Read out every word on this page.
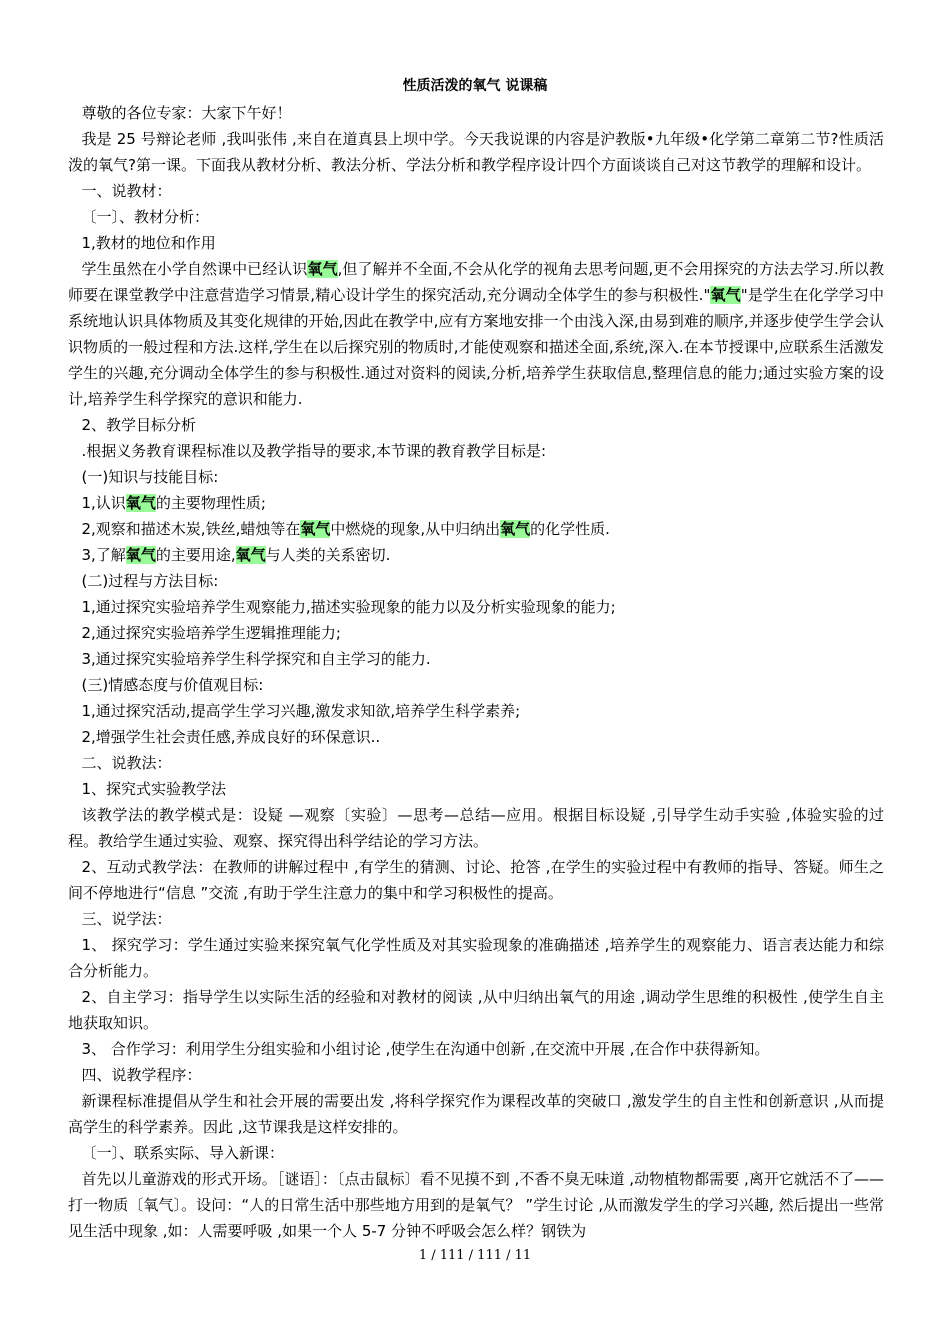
性质活泼的氧气 说课稿

尊敬的各位专家：大家下午好！

我是 25 号辩论老师 ,我叫张伟 ,来自在道真县上坝中学。今天我说课的内容是沪教版•九年级•化学第二章第二节?性质活泼的氧气?第一课。下面我从教材分析、教法分析、学法分析和教学程序设计四个方面谈谈自己对这节教学的理解和设计。

一、说教材：

〔一〕、教材分析：

1,教材的地位和作用

学生虽然在小学自然课中已经认识氧气,但了解并不全面,不会从化学的视角去思考问题,更不会用探究的方法去学习.所以教师要在课堂教学中注意营造学习情景,精心设计学生的探究活动,充分调动全体学生的参与积极性."氧气"是学生在化学学习中系统地认识具体物质及其变化规律的开始,因此在教学中,应有方案地安排一个由浅入深,由易到难的顺序,并逐步使学生学会认识物质的一般过程和方法.这样,学生在以后探究别的物质时,才能使观察和描述全面,系统,深入.在本节授课中,应联系生活激发学生的兴趣,充分调动全体学生的参与积极性.通过对资料的阅读,分析,培养学生获取信息,整理信息的能力;通过实验方案的设计,培养学生科学探究的意识和能力.

2、教学目标分析

.根据义务教育课程标准以及教学指导的要求,本节课的教育教学目标是:

(一)知识与技能目标:

1,认识氧气的主要物理性质;

2,观察和描述木炭,铁丝,蜡烛等在氧气中燃烧的现象,从中归纳出氧气的化学性质.

3,了解氧气的主要用途,氧气与人类的关系密切.

(二)过程与方法目标:

1,通过探究实验培养学生观察能力,描述实验现象的能力以及分析实验现象的能力;

2,通过探究实验培养学生逻辑推理能力;

3,通过探究实验培养学生科学探究和自主学习的能力.

(三)情感态度与价值观目标:

1,通过探究活动,提高学生学习兴趣,激发求知欲,培养学生科学素养;

2,增强学生社会责任感,养成良好的环保意识..

二、说教法：

1、探究式实验教学法

该教学法的教学模式是：设疑 —观察〔实验〕—思考—总结—应用。根据目标设疑 ,引导学生动手实验 ,体验实验的过程。教给学生通过实验、观察、探究得出科学结论的学习方法。

2、互动式教学法：在教师的讲解过程中 ,有学生的猜测、讨论、抢答 ,在学生的实验过程中有教师的指导、答疑。师生之间不停地进行“信息 ”交流 ,有助于学生注意力的集中和学习积极性的提高。

三、说学法：

1、 探究学习：学生通过实验来探究氧气化学性质及对其实验现象的准确描述 ,培养学生的观察能力、语言表达能力和综合分析能力。

2、自主学习：指导学生以实际生活的经验和对教材的阅读 ,从中归纳出氧气的用途 ,调动学生思维的积极性 ,使学生自主地获取知识。

3、 合作学习：利用学生分组实验和小组讨论 ,使学生在沟通中创新 ,在交流中开展 ,在合作中获得新知。

四、说教学程序：

新课程标准提倡从学生和社会开展的需要出发 ,将科学探究作为课程改革的突破口 ,激发学生的自主性和创新意识 ,从而提高学生的科学素养。因此 ,这节课我是这样安排的。

〔一〕、联系实际、导入新课：

首先以儿童游戏的形式开场。［谜语］：〔点击鼠标〕看不见摸不到 ,不香不臭无味道 ,动物植物都需要 ,离开它就活不了——打一物质〔氧气〕。设问：“人的日常生活中那些地方用到的是氧气？ ”学生讨论 ,从而激发学生的学习兴趣, 然后提出一些常见生活中现象 ,如：人需要呼吸 ,如果一个人 5-7 分钟不呼吸会怎么样？钢铁为

1 / 111 / 111 / 11
